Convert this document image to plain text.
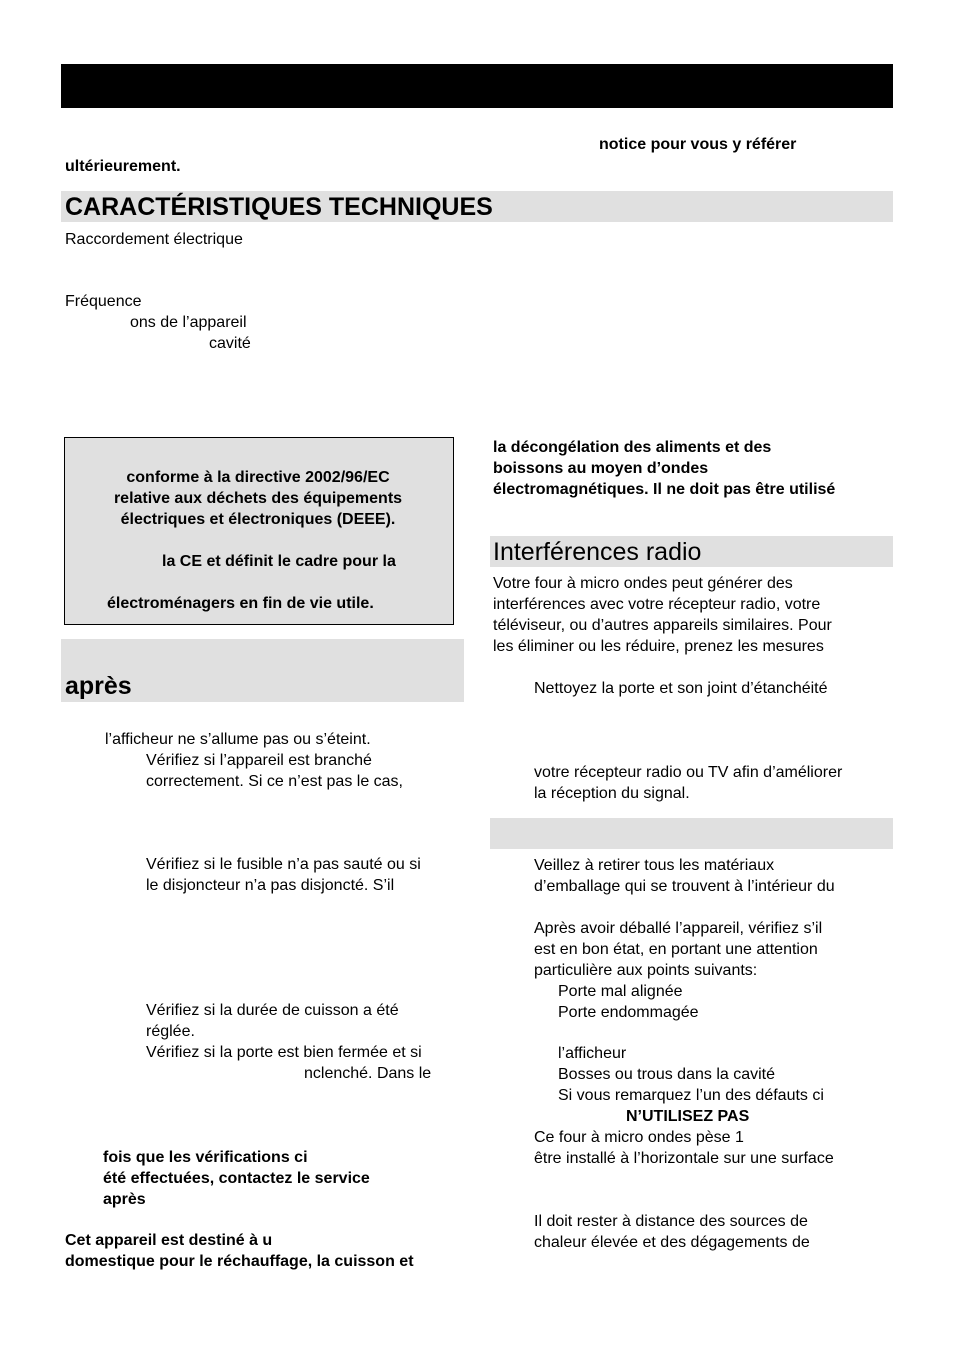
notice pour vous y référer
ultérieurement.
CARACTÉRISTIQUES TECHNIQUES
Raccordement électrique
Fréquence
ons de l’appareil
cavité
conforme à la directive 2002/96/EC
relative aux déchets des équipements
électriques et électroniques (DEEE).
la CE et définit le cadre pour la
électroménagers en fin de vie utile.
après
l’afficheur ne s’allume pas ou s’éteint.
Vérifiez si l’appareil est branché
correctement. Si ce n’est pas le cas,
Vérifiez si le fusible n’a pas sauté ou si
le disjoncteur n’a pas disjoncté. S’il
Vérifiez si la durée de cuisson a été
réglée.
Vérifiez si la porte est bien fermée et si
nclenché. Dans le
fois que les vérifications ci
été effectuées, contactez le service
après
Cet appareil est destiné à u
domestique pour le réchauffage, la cuisson et
la décongélation des aliments et des
boissons au moyen d’ondes
électromagnétiques. Il ne doit pas être utilisé
Interférences radio
Votre four à micro ondes peut générer des
interférences avec votre récepteur radio, votre
téléviseur, ou d’autres appareils similaires. Pour
les éliminer ou les réduire, prenez les mesures
Nettoyez la porte et son joint d’étanchéité
votre récepteur radio ou TV afin d’améliorer
la réception du signal.
Veillez à retirer tous les matériaux
d’emballage qui se trouvent à l’intérieur du
Après avoir déballé l’appareil, vérifiez s’il
est en bon état, en portant une attention
particulière aux points suivants:
Porte mal alignée
Porte endommagée
l’afficheur
Bosses ou trous dans la cavité
Si vous remarquez l’un des défauts ci
N’UTILISEZ PAS
Ce four à micro ondes pèse 1
être installé à l’horizontale sur une surface
Il doit rester à distance des sources de
chaleur élevée et des dégagements de
